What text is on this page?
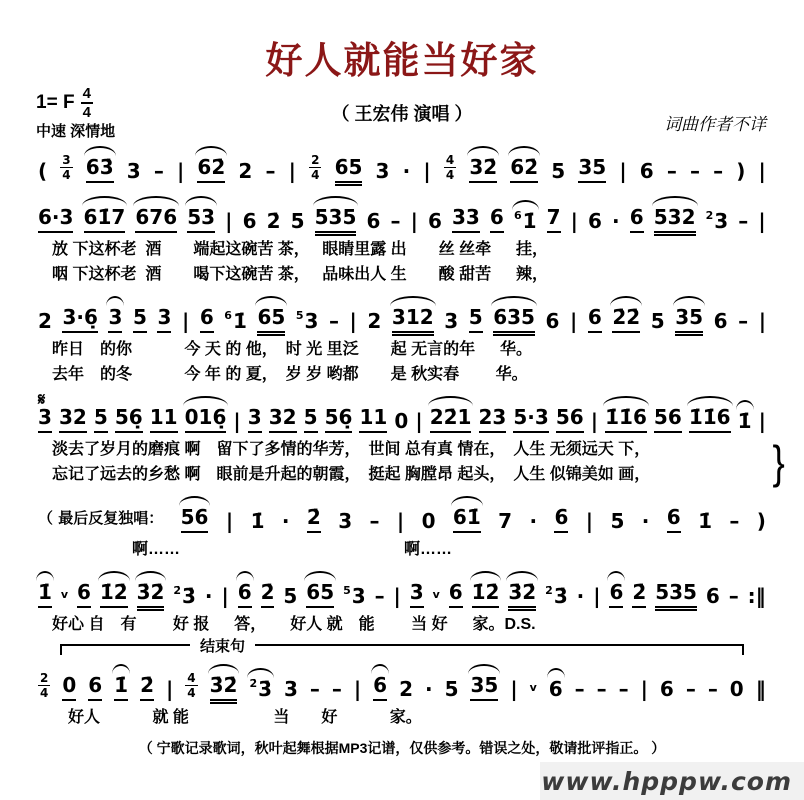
好人就能当好家
1= F $\frac{4}{4}$	（ 王宏伟 演唱 ）
中速 深情地	词曲作者不详
( 3
4 63̇ 3 – | 62̇ 2 – | 2
4 65 3 · | 4
4 32̇ 62̇ 5 35 | 6 – – – ) |
6·3 61̇7 676 53 | 6 2̇ 5 535 6 – | 6 33 6 $^6$1̇ 7 | 6 · 6 532 $^2$3 – |
放 下这杯老  酒　　端起这碗苦 茶，　 眼睛里露 出　　丝 丝牵　  挂，
咽 下这杯老  酒　　喝下这碗苦 茶，　 品味出人 生　　酸 甜苦　  辣，
2 3·6̣ 3 5 3 | 6 $^6$1̇ 65 $^5$3 – | 2 312 3 5 635 6 | 6 2̇2̇ 5 35 6 – |
昨日　的你　　　 今 天 的 他，　时 光 里泛　　起 无言的年　  华。
去年　的冬　　　 今 年 的 夏，　岁 岁 哟都　　是 秋实春　　 华。
𝄋
3 32 5 56̣ 11 016̣ | 3 32 5 56̣ 11 0 | 22̇1 23 5·3 56 | 1̇1̇6 56 1̇1̇6 1̇ |
淡去了岁月的磨痕 啊　留下了多情的华芳，　世间 总有真 情在，　人生 无须远天 下，
忘记了远去的乡愁 啊　眼前是升起的朝霞，　挺起 胸膛昂 起头，　人生 似锦美如 画，	}
（ 最后反复独唱： 56 | 1̇ · 2̇ 3 – | 0 61̇ 7 · 6 | 5 · 6 1̇ – )
　　　　　啊……　　　　　　　　　　　　　　啊……
1̇ v 6 1̇2̇ 3̇2̇ $^{2̇}$3̇ · | 6 2̇ 5 65 $^5$3 – | 3 v 6 1̇2̇ 3̇2̇ $^{2̇}$3̇ · | 6 2̇ 535 6 – :‖
好心 自　有　　 好 报　  答，　　好人 就　能　　 当 好　  家。D.S.
结束句
2
4 0 6 1̇ 2̇ | 4
4 3̇2̇ $^{2̇}$3̇ 3 – – | 6 2 · 5 35 | v 6 – – – | 6 – – 0 ‖
　好人　　　 就 能　　　　　 当　　好　　　 家。
（ 宁歌记录歌词，秋叶起舞根据MP3记谱，仅供参考。错误之处，敬请批评指正。 ）
www.hpppw.com
